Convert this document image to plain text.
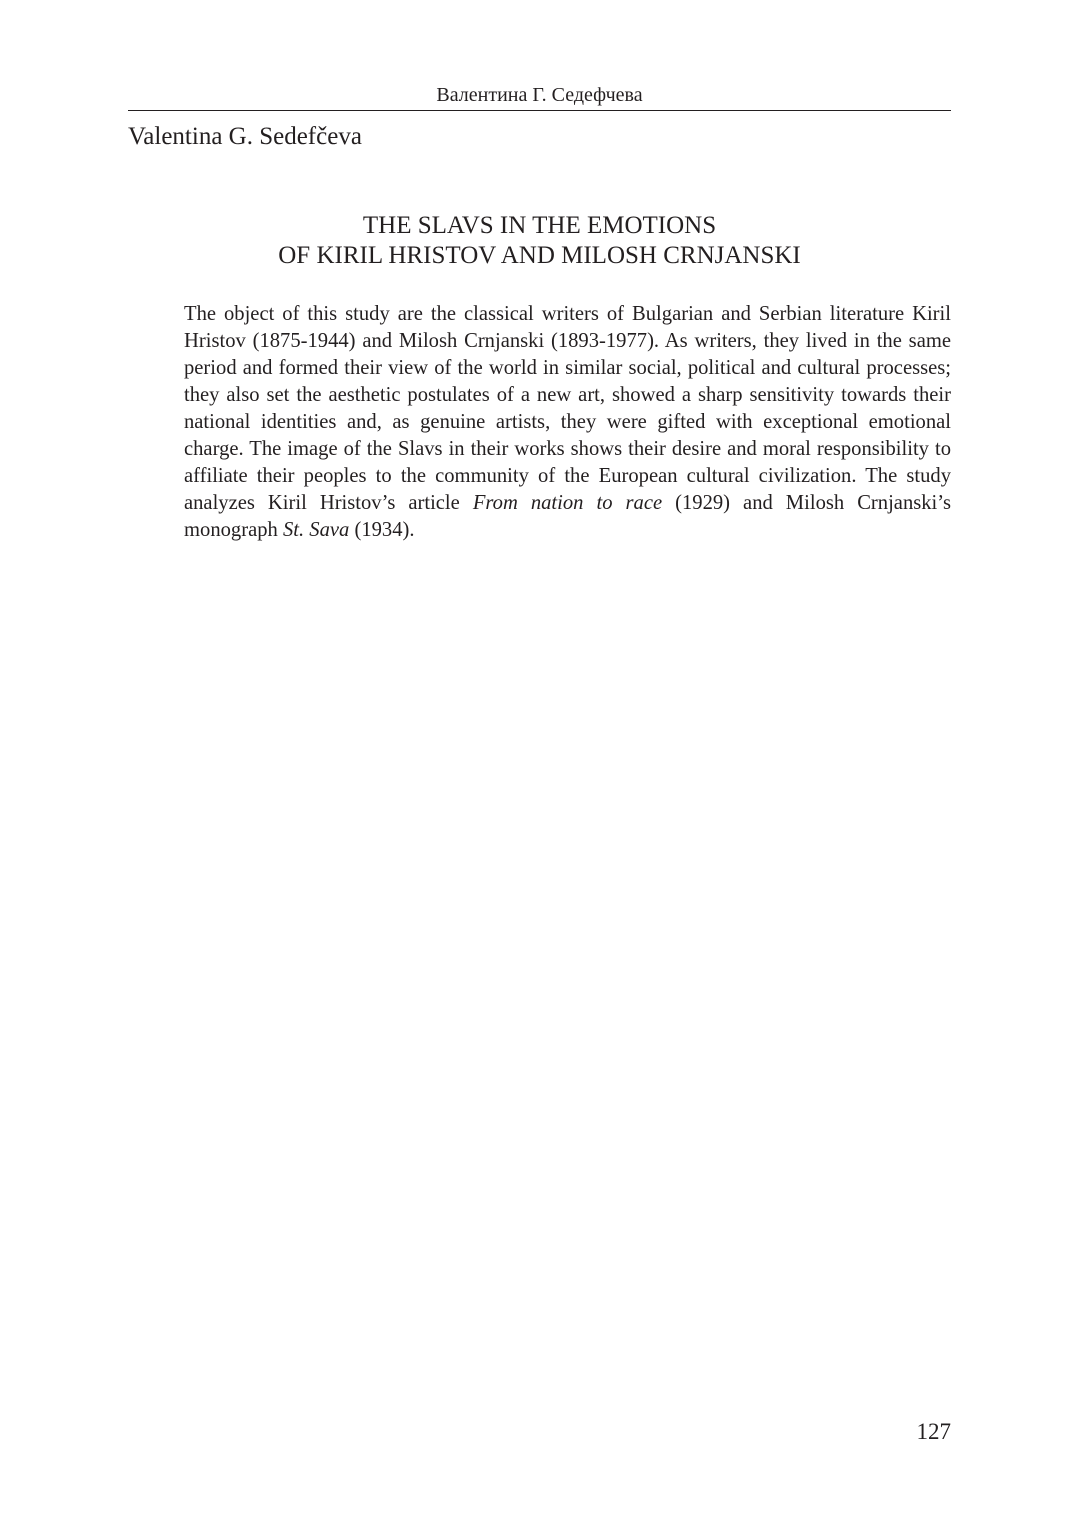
Валентина Г. Седефчева
Valentina G. Sedefčeva
THE SLAVS IN THE EMOTIONS
OF KIRIL HRISTOV AND MILOSH CRNJANSKI

The object of this study are the classical writers of Bulgarian and Serbian literature Kiril Hristov (1875-1944) and Milosh Crnjanski (1893-1977). As writers, they lived in the same period and formed their view of the world in similar social, political and cultural processes; they also set the aesthetic postulates of a new art, showed a sharp sensitivity towards their national identities and, as genuine artists, they were gifted with exceptional emotional charge. The image of the Slavs in their works shows their desire and moral responsibility to affiliate their peoples to the community of the European cultural civilization. The study analyzes Kiril Hristov’s article From nation to race (1929) and Milosh Crnjanski’s monograph St. Sava (1934).

127
